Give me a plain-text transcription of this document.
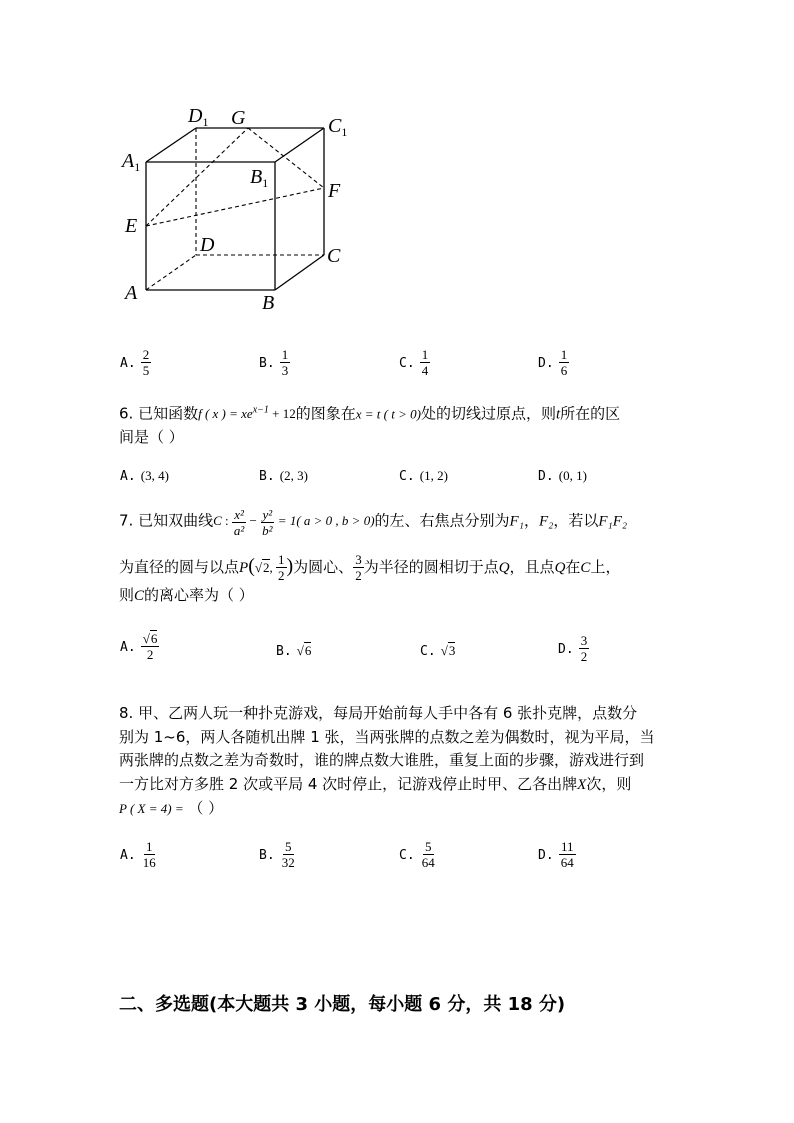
$D_1$ G	$C_1$
$A_1$	$B_1$	F
E
D	C
A	B
A. $\frac{2}{5}$	B. $\frac{1}{3}$	C. $\frac{1}{4}$	D. $\frac{1}{6}$
6. 已知函数f ( x ) = $xe^{x-1} + 12$的图象在x = t ( t > 0)处的切线过原点，则t所在的区
间是（ ）
A. (3, 4)	B. (2, 3)	C. (1, 2)	D. (0, 1)
7. 已知双曲线C : $\frac{\text{x²}}{\text{a²}} - \frac{\text{y²}}{\text{b²}} = 1$( a > 0 , b > 0)的左、右焦点分别为F₁，F₂，若以F₁F₂
为直径的圆与以点P(√2, $\frac{1}{2}$ )为圆心、 $\frac{3}{2}$ 为半径的圆相切于点Q，且点Q在C上，
则C的离心率为（ ）
A. $\frac{√6}{2}$	B. √6	C. √3	D. $\frac{3}{2}$
8. 甲、乙两人玩一种扑克游戏，每局开始前每人手中各有 6 张扑克牌，点数分
别为 1~6，两人各随机出牌 1 张，当两张牌的点数之差为偶数时，视为平局，当
两张牌的点数之差为奇数时，谁的牌点数大谁胜，重复上面的步骤，游戏进行到
一方比对方多胜 2 次或平局 4 次时停止，记游戏停止时甲、乙各出牌X次，则
P ( X = 4) = （ ）
A. $\frac{1}{16}$	B. $\frac{5}{32}$	C. $\frac{5}{64}$	D. $\frac{11}{64}$
二、多选题(本大题共 3 小题，每小题 6 分，共 18 分)
